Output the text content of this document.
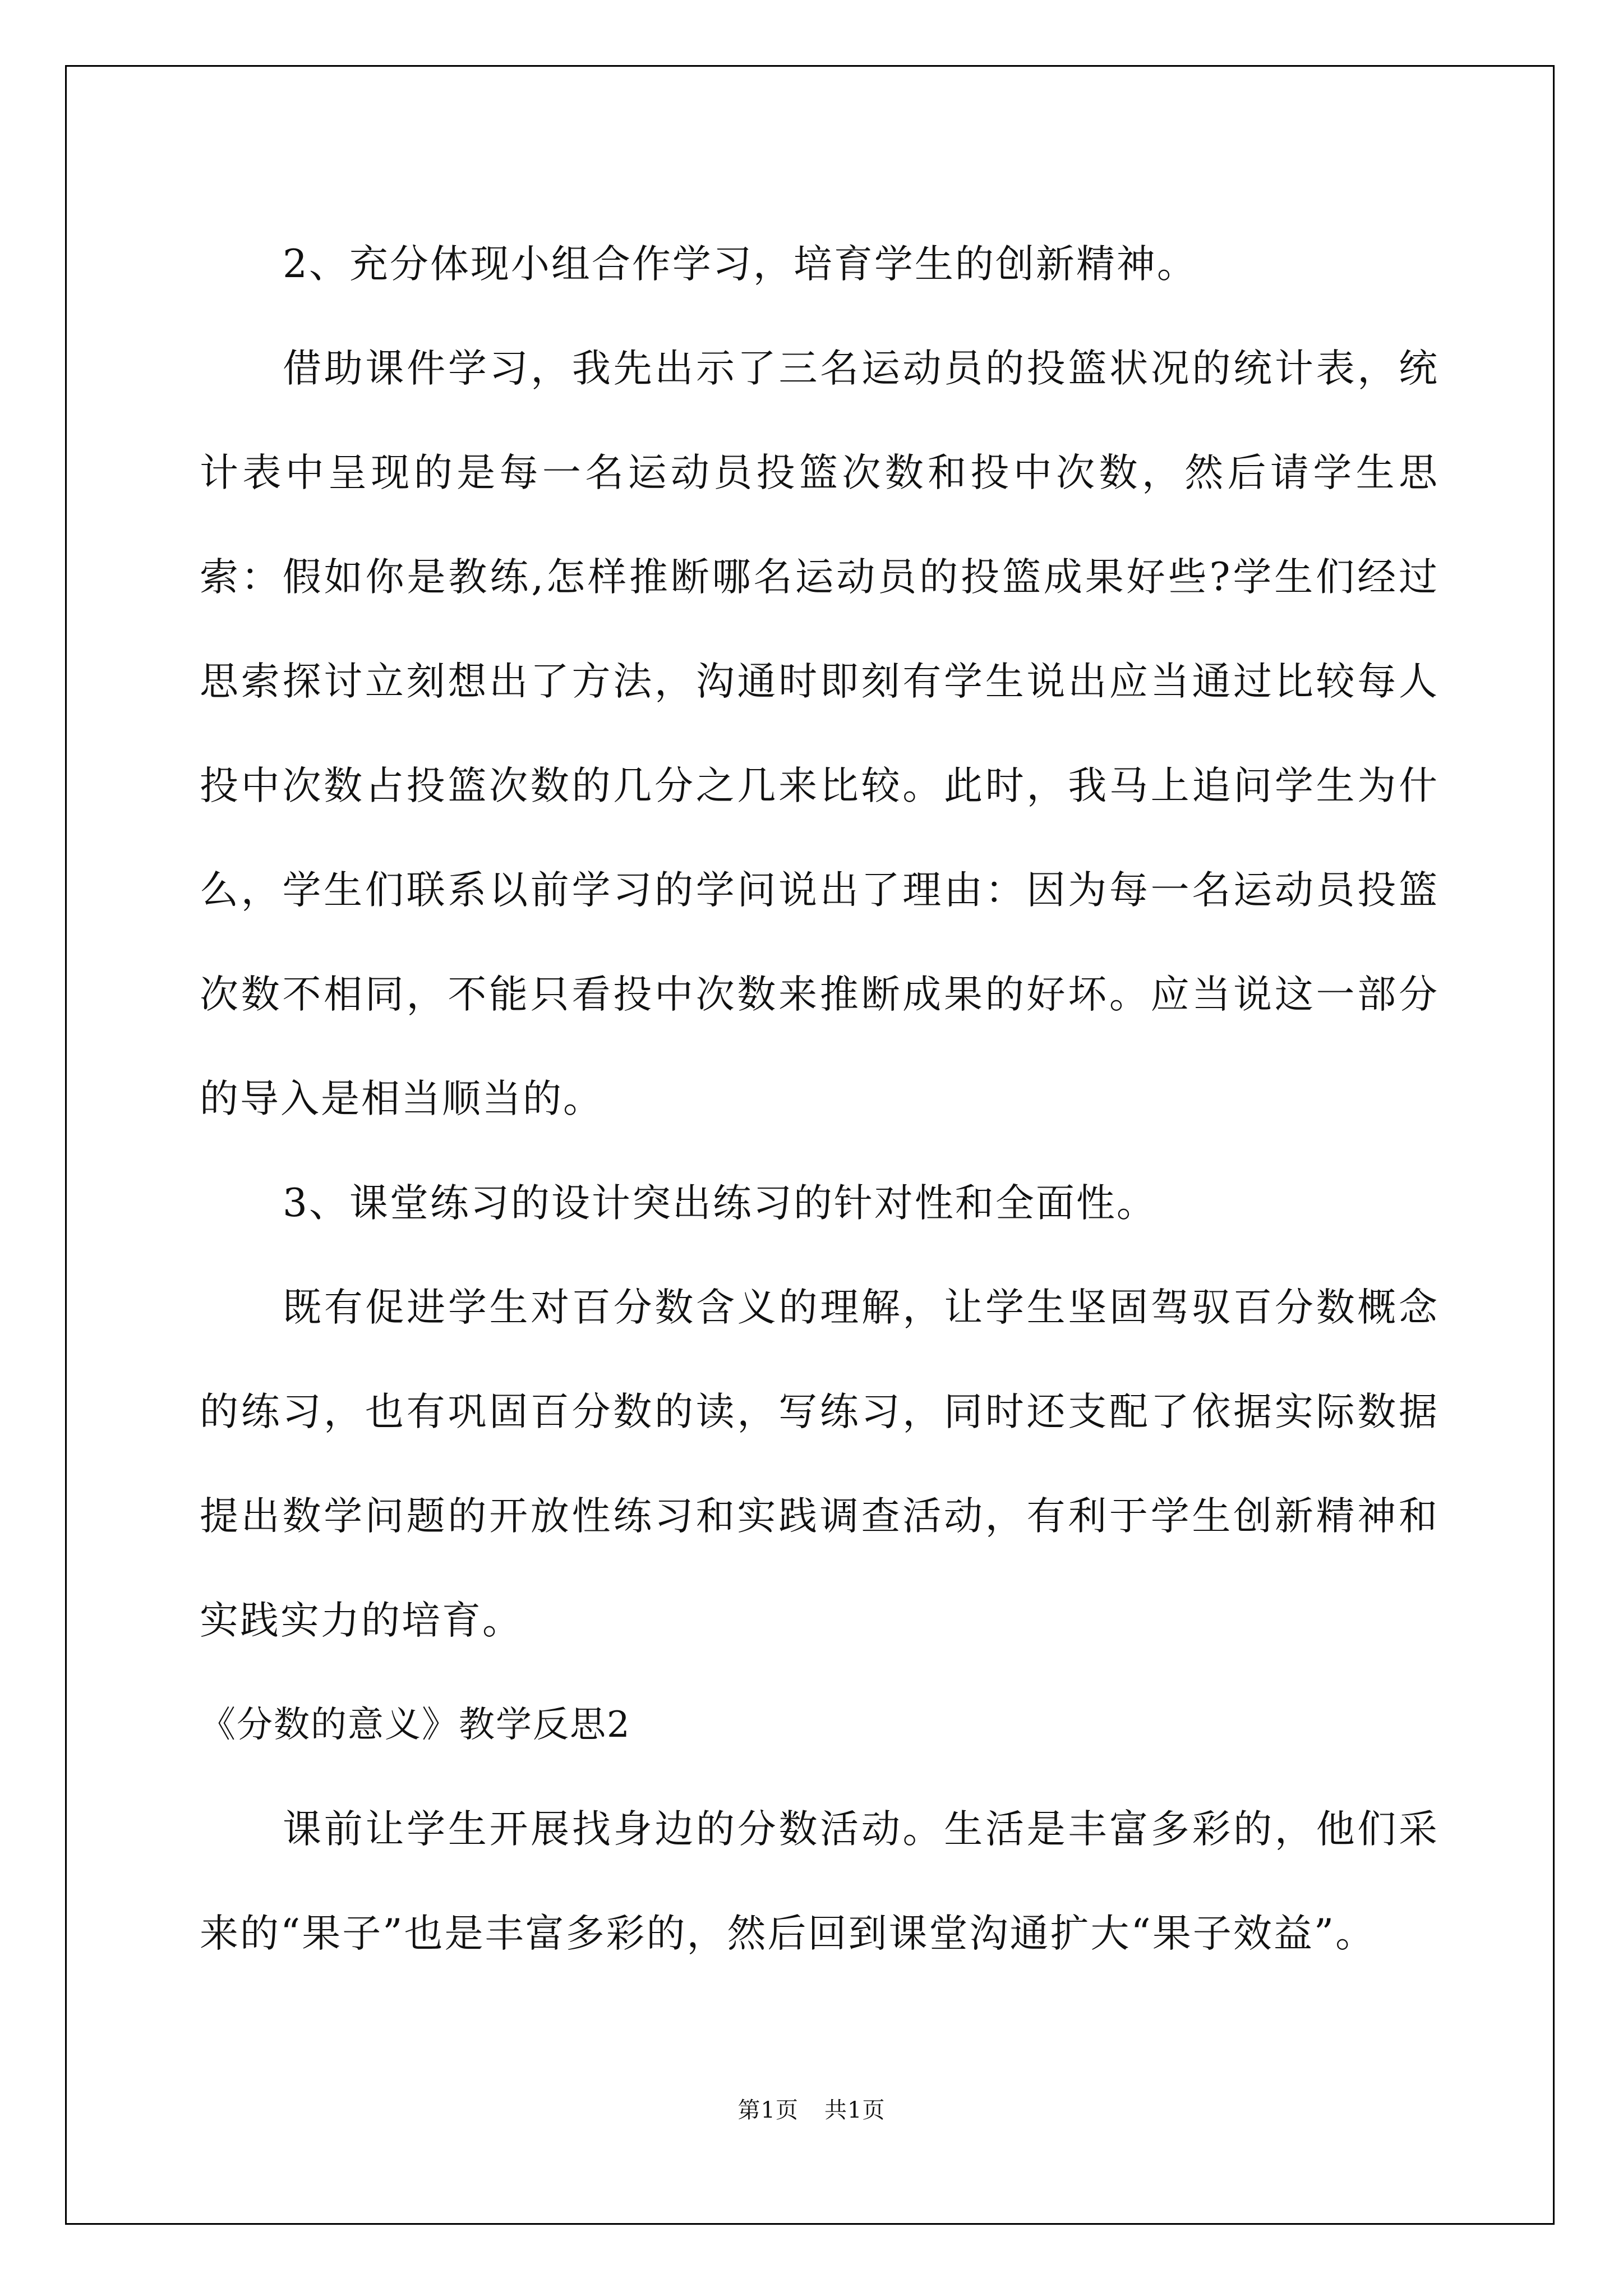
2、充分体现小组合作学习，培育学生的创新精神。

借助课件学习，我先出示了三名运动员的投篮状况的统计表，统计表中呈现的是每一名运动员投篮次数和投中次数，然后请学生思索：假如你是教练,怎样推断哪名运动员的投篮成果好些?学生们经过思索探讨立刻想出了方法，沟通时即刻有学生说出应当通过比较每人投中次数占投篮次数的几分之几来比较。此时，我马上追问学生为什么，学生们联系以前学习的学问说出了理由：因为每一名运动员投篮次数不相同，不能只看投中次数来推断成果的好坏。应当说这一部分的导入是相当顺当的。

3、课堂练习的设计突出练习的针对性和全面性。

既有促进学生对百分数含义的理解，让学生坚固驾驭百分数概念的练习，也有巩固百分数的读，写练习，同时还支配了依据实际数据提出数学问题的开放性练习和实践调查活动，有利于学生创新精神和实践实力的培育。

《分数的意义》教学反思2

课前让学生开展找身边的分数活动。生活是丰富多彩的，他们采来的“果子”也是丰富多彩的，然后回到课堂沟通扩大“果子效益”。

第1页 共1页
